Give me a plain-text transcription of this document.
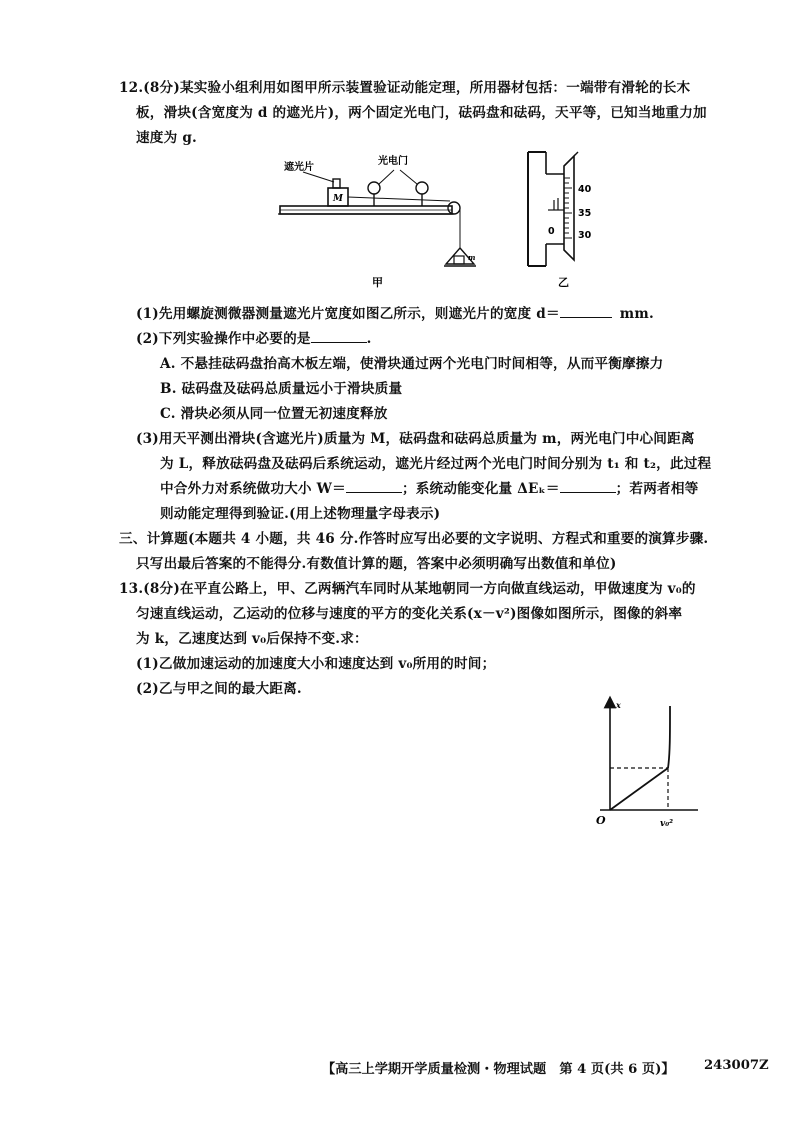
12.(8分)某实验小组利用如图甲所示装置验证动能定理，所用器材包括：一端带有滑轮的长木
板，滑块(含宽度为 d 的遮光片)，两个固定光电门，砝码盘和砝码，天平等，已知当地重力加
速度为 g.
遮光片
光电门
M
m
甲
40
35
30
0
乙
(1)先用螺旋测微器测量遮光片宽度如图乙所示，则遮光片的宽度 d＝	mm.
(2)下列实验操作中必要的是	.
A. 不悬挂砝码盘抬高木板左端，使滑块通过两个光电门时间相等，从而平衡摩擦力
B. 砝码盘及砝码总质量远小于滑块质量
C. 滑块必须从同一位置无初速度释放
(3)用天平测出滑块(含遮光片)质量为 M，砝码盘和砝码总质量为 m，两光电门中心间距离
为 L，释放砝码盘及砝码后系统运动，遮光片经过两个光电门时间分别为 t₁ 和 t₂，此过程
中合外力对系统做功大小 W＝	；系统动能变化量 ΔEₖ＝	；若两者相等
则动能定理得到验证.(用上述物理量字母表示)
三、计算题(本题共 4 小题，共 46 分.作答时应写出必要的文字说明、方程式和重要的演算步骤.
只写出最后答案的不能得分.有数值计算的题，答案中必须明确写出数值和单位)
13.(8分)在平直公路上，甲、乙两辆汽车同时从某地朝同一方向做直线运动，甲做速度为 v₀的
匀速直线运动，乙运动的位移与速度的平方的变化关系(x－v²)图像如图所示，图像的斜率
为 k，乙速度达到 v₀后保持不变.求：
(1)乙做加速运动的加速度大小和速度达到 v₀所用的时间；
(2)乙与甲之间的最大距离.
x
O	v₀²
【高三上学期开学质量检测・物理试题　第 4 页(共 6 页)】 243007Z
